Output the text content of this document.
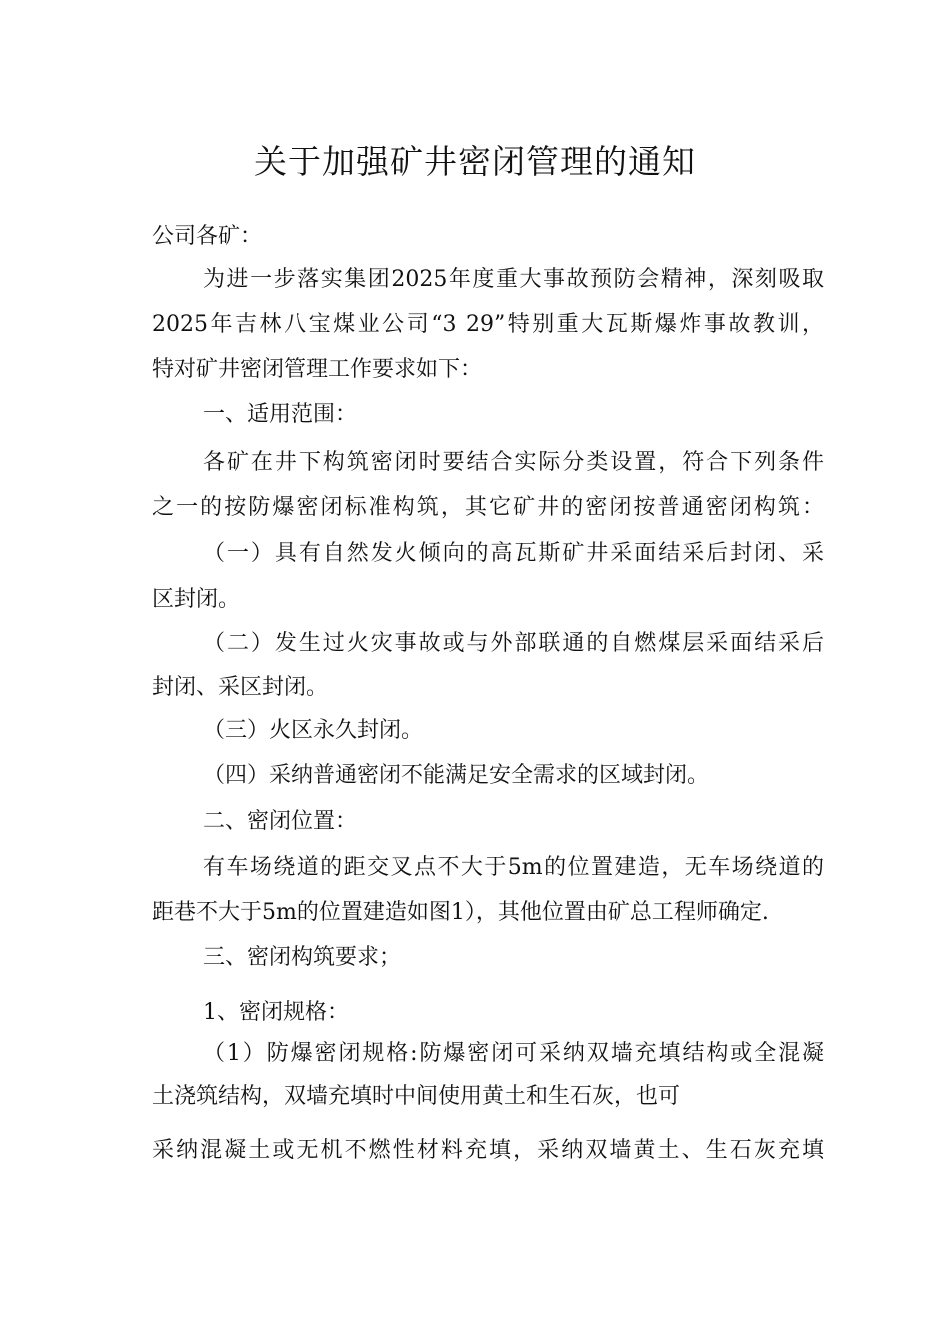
关于加强矿井密闭管理的通知
公司各矿：
为进一步落实集团2025年度重大事故预防会精神，深刻吸取
2025年吉林八宝煤业公司“3 29”特别重大瓦斯爆炸事故教训，
特对矿井密闭管理工作要求如下：
一、适用范围：
各矿在井下构筑密闭时要结合实际分类设置，符合下列条件
之一的按防爆密闭标准构筑，其它矿井的密闭按普通密闭构筑：
（一）具有自然发火倾向的高瓦斯矿井采面结采后封闭、采
区封闭。
（二）发生过火灾事故或与外部联通的自燃煤层采面结采后
封闭、采区封闭。
（三）火区永久封闭。
（四）采纳普通密闭不能满足安全需求的区域封闭。
二、密闭位置：
有车场绕道的距交叉点不大于5m的位置建造，无车场绕道的
距巷不大于5m的位置建造如图1），其他位置由矿总工程师确定.
三、密闭构筑要求；
1、密闭规格：
（1）防爆密闭规格:防爆密闭可采纳双墙充填结构或全混凝
土浇筑结构，双墙充填时中间使用黄土和生石灰，也可
采纳混凝土或无机不燃性材料充填，采纳双墙黄土、生石灰充填
